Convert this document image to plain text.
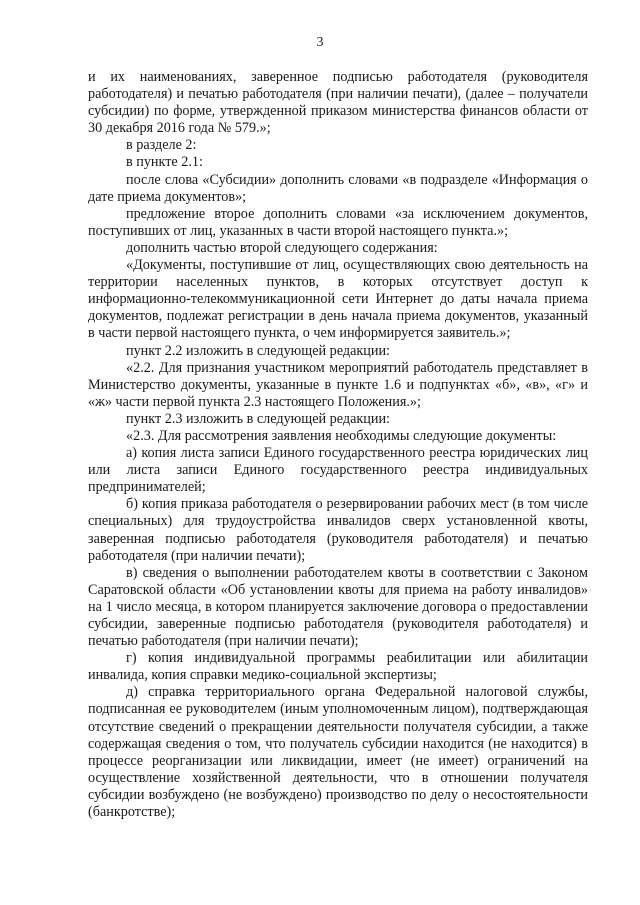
3

и их наименованиях, заверенное подписью работодателя (руководителя работодателя) и печатью работодателя (при наличии печати), (далее – получатели субсидии) по форме, утвержденной приказом министерства финансов области от 30 декабря 2016 года № 579.»;

в разделе 2:

в пункте 2.1:

после слова «Субсидии» дополнить словами «в подразделе «Информация о дате приема документов»;

предложение второе дополнить словами «за исключением документов, поступивших от лиц, указанных в части второй настоящего пункта.»;

дополнить частью второй следующего содержания:

«Документы, поступившие от лиц, осуществляющих свою деятельность на территории населенных пунктов, в которых отсутствует доступ к информационно-телекоммуникационной сети Интернет до даты начала приема документов, подлежат регистрации в день начала приема документов, указанный в части первой настоящего пункта, о чем информируется заявитель.»;

пункт 2.2 изложить в следующей редакции:

«2.2. Для признания участником мероприятий работодатель представляет в Министерство документы, указанные в пункте 1.6 и подпунктах «б», «в», «г» и «ж» части первой пункта 2.3 настоящего Положения.»;

пункт 2.3 изложить в следующей редакции:

«2.3. Для рассмотрения заявления необходимы следующие документы:

а) копия листа записи Единого государственного реестра юридических лиц или листа записи Единого государственного реестра индивидуальных предпринимателей;

б) копия приказа работодателя о резервировании рабочих мест (в том числе специальных) для трудоустройства инвалидов сверх установленной квоты, заверенная подписью работодателя (руководителя работодателя) и печатью работодателя (при наличии печати);

в) сведения о выполнении работодателем квоты в соответствии с Законом Саратовской области «Об установлении квоты для приема на работу инвалидов» на 1 число месяца, в котором планируется заключение договора о предоставлении субсидии, заверенные подписью работодателя (руководителя работодателя) и печатью работодателя (при наличии печати);

г) копия индивидуальной программы реабилитации или абилитации инвалида, копия справки медико-социальной экспертизы;

д) справка территориального органа Федеральной налоговой службы, подписанная ее руководителем (иным уполномоченным лицом), подтверждающая отсутствие сведений о прекращении деятельности получателя субсидии, а также содержащая сведения о том, что получатель субсидии находится (не находится) в процессе реорганизации или ликвидации, имеет (не имеет) ограничений на осуществление хозяйственной деятельности, что в отношении получателя субсидии возбуждено (не возбуждено) производство по делу о несостоятельности (банкротстве);
